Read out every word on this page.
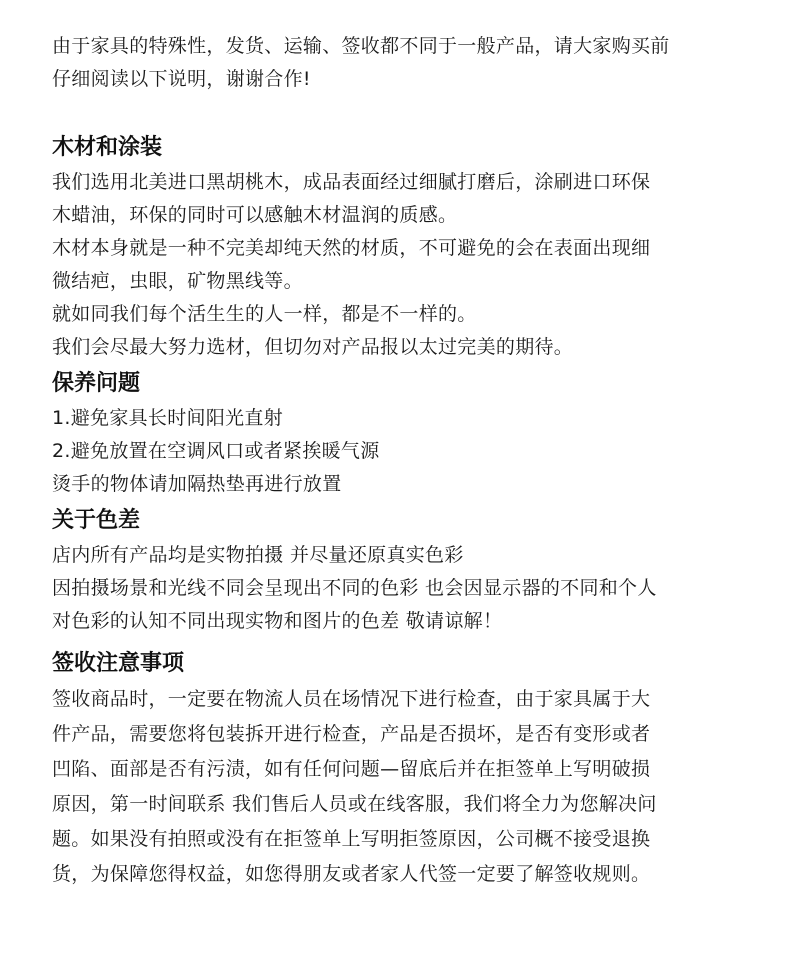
由于家具的特殊性，发货、运输、签收都不同于一般产品，请大家购买前

仔细阅读以下说明，谢谢合作!

木材和涂装

我们选用北美进口黑胡桃木，成品表面经过细腻打磨后，涂刷进口环保

木蜡油，环保的同时可以感触木材温润的质感。

木材本身就是一种不完美却纯天然的材质，不可避免的会在表面出现细

微结疤，虫眼，矿物黑线等。

就如同我们每个活生生的人一样，都是不一样的。

我们会尽最大努力选材，但切勿对产品报以太过完美的期待。

保养问题

1.避免家具长时间阳光直射

2.避免放置在空调风口或者紧挨暖气源

烫手的物体请加隔热垫再进行放置

关于色差

店内所有产品均是实物拍摄 并尽量还原真实色彩

因拍摄场景和光线不同会呈现出不同的色彩 也会因显示器的不同和个人

对色彩的认知不同出现实物和图片的色差 敬请谅解！

签收注意事项

签收商品时，一定要在物流人员在场情况下进行检查，由于家具属于大

件产品，需要您将包装拆开进行检查，产品是否损坏，是否有变形或者

凹陷、面部是否有污渍，如有任何问题—留底后并在拒签单上写明破损

原因，第一时间联系 我们售后人员或在线客服，我们将全力为您解决问

题。如果没有拍照或没有在拒签单上写明拒签原因，公司概不接受退换

货，为保障您得权益，如您得朋友或者家人代签一定要了解签收规则。
